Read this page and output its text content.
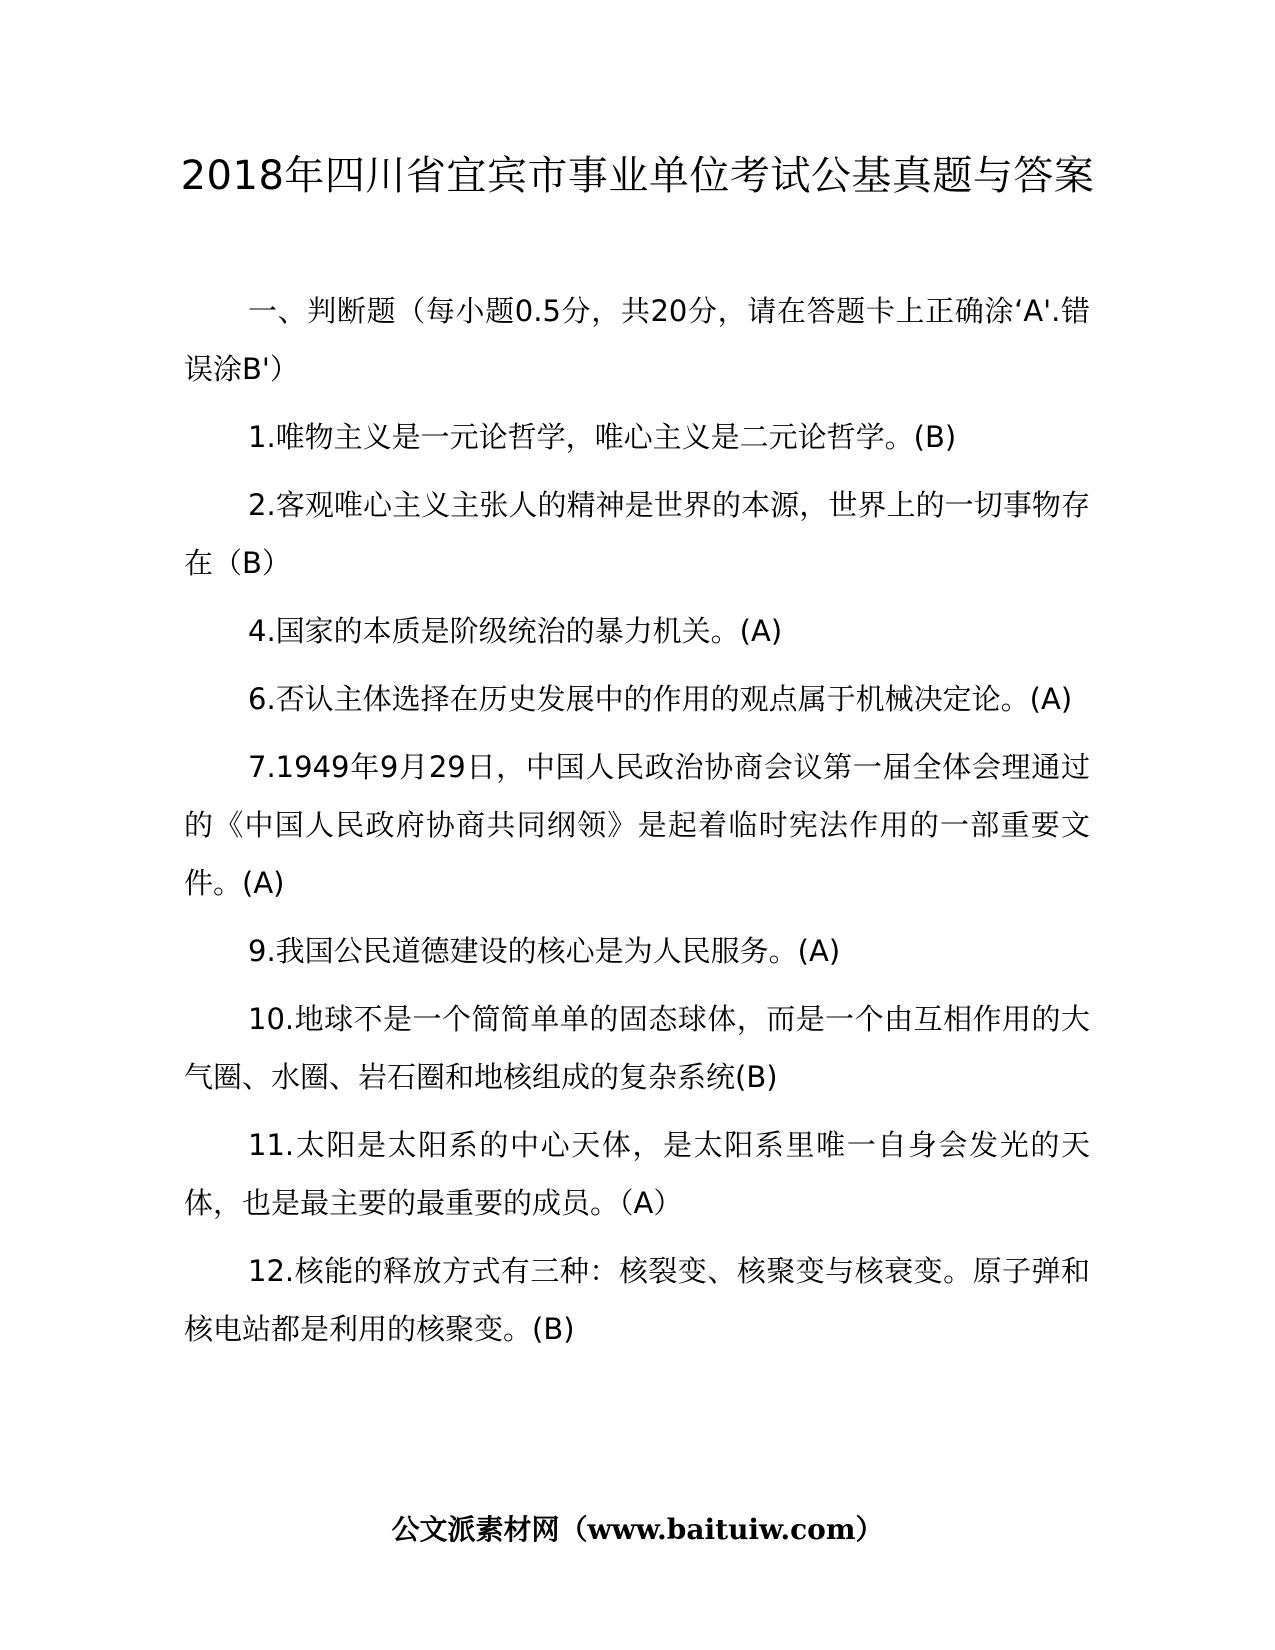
2018年四川省宜宾市事业单位考试公基真题与答案

一、判断题（每小题0.5分，共20分，请在答题卡上正确涂‘A'.错误涂B'）

1.唯物主义是一元论哲学，唯心主义是二元论哲学。(B)

2.客观唯心主义主张人的精神是世界的本源，世界上的一切事物存在（B）

4.国家的本质是阶级统治的暴力机关。(A)

6.否认主体选择在历史发展中的作用的观点属于机械决定论。(A)

7.1949年9月29日，中国人民政治协商会议第一届全体会理通过的《中国人民政府协商共同纲领》是起着临时宪法作用的一部重要文件。(A)

9.我国公民道德建设的核心是为人民服务。(A)

10.地球不是一个简简单单的固态球体，而是一个由互相作用的大气圈、水圈、岩石圈和地核组成的复杂系统(B)

11.太阳是太阳系的中心天体，是太阳系里唯一自身会发光的天体，也是最主要的最重要的成员。（A）

12.核能的释放方式有三种：核裂变、核聚变与核衰变。原子弹和核电站都是利用的核聚变。(B)

公文派素材网（www.baituiw.com）
